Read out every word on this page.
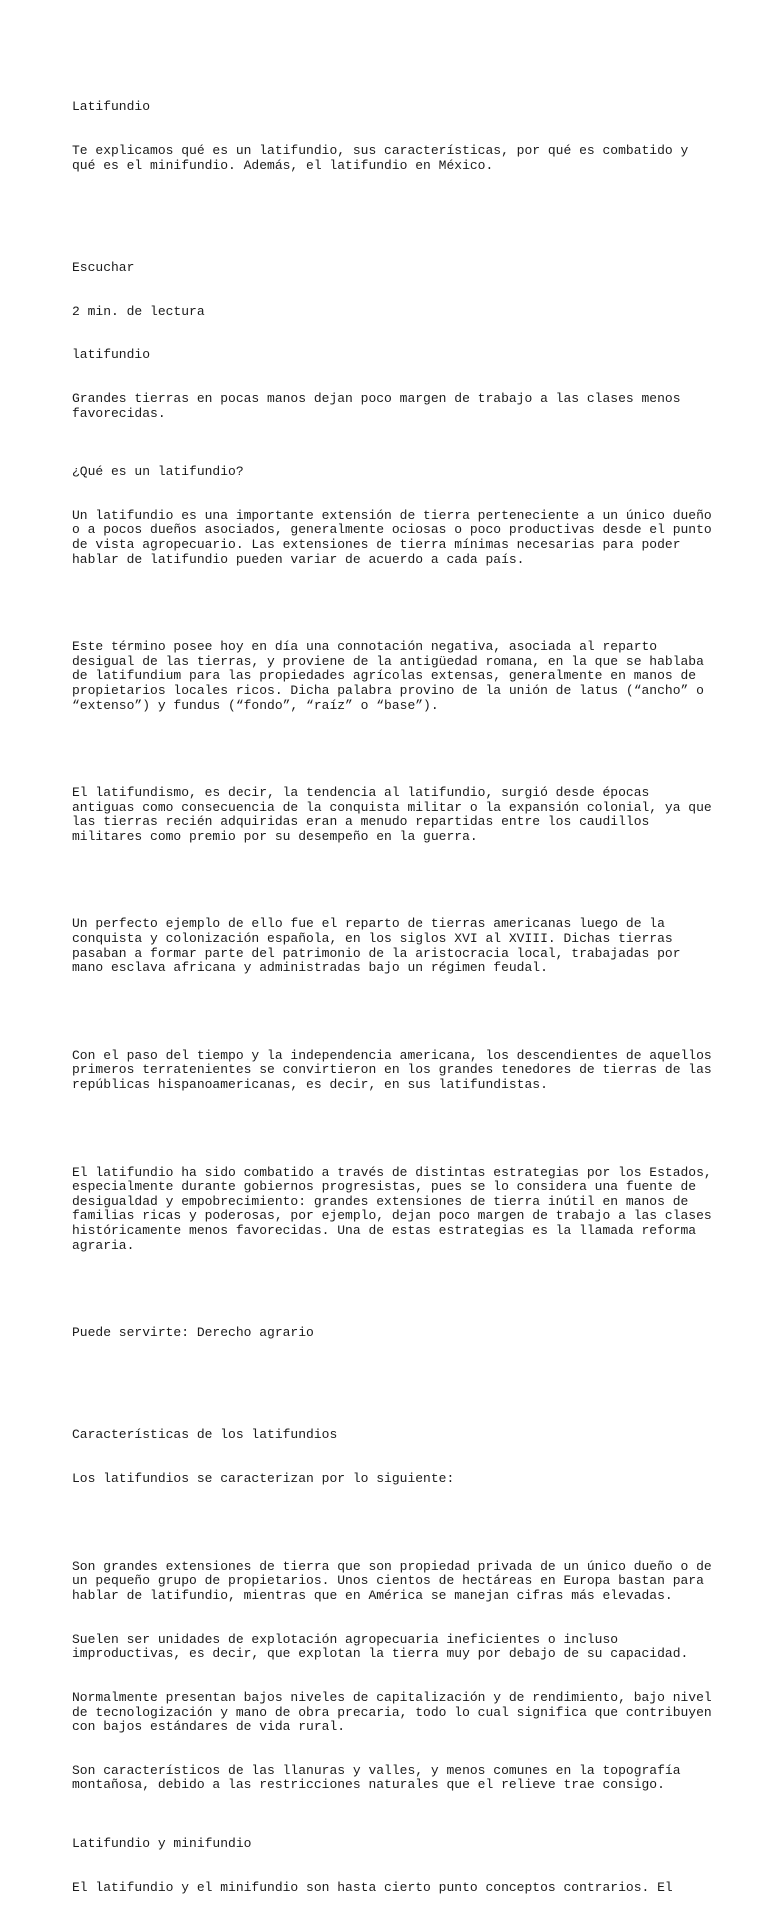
Latifundio

Te explicamos qué es un latifundio, sus características, por qué es combatido y qué es el minifundio. Además, el latifundio en México.

Escuchar

2 min. de lectura

latifundio

Grandes tierras en pocas manos dejan poco margen de trabajo a las clases menos favorecidas.

¿Qué es un latifundio?

Un latifundio es una importante extensión de tierra perteneciente a un único dueño o a pocos dueños asociados, generalmente ociosas o poco productivas desde el punto de vista agropecuario. Las extensiones de tierra mínimas necesarias para poder hablar de latifundio pueden variar de acuerdo a cada país.

Este término posee hoy en día una connotación negativa, asociada al reparto desigual de las tierras, y proviene de la antigüedad romana, en la que se hablaba de latifundium para las propiedades agrícolas extensas, generalmente en manos de propietarios locales ricos. Dicha palabra provino de la unión de latus (“ancho” o “extenso”) y fundus (“fondo”, “raíz” o “base”).

El latifundismo, es decir, la tendencia al latifundio, surgió desde épocas antiguas como consecuencia de la conquista militar o la expansión colonial, ya que las tierras recién adquiridas eran a menudo repartidas entre los caudillos militares como premio por su desempeño en la guerra.

Un perfecto ejemplo de ello fue el reparto de tierras americanas luego de la conquista y colonización española, en los siglos XVI al XVIII. Dichas tierras pasaban a formar parte del patrimonio de la aristocracia local, trabajadas por mano esclava africana y administradas bajo un régimen feudal.

Con el paso del tiempo y la independencia americana, los descendientes de aquellos primeros terratenientes se convirtieron en los grandes tenedores de tierras de las repúblicas hispanoamericanas, es decir, en sus latifundistas.

El latifundio ha sido combatido a través de distintas estrategias por los Estados, especialmente durante gobiernos progresistas, pues se lo considera una fuente de desigualdad y empobrecimiento: grandes extensiones de tierra inútil en manos de familias ricas y poderosas, por ejemplo, dejan poco margen de trabajo a las clases históricamente menos favorecidas. Una de estas estrategias es la llamada reforma agraria.

Puede servirte: Derecho agrario

Características de los latifundios

Los latifundios se caracterizan por lo siguiente:

Son grandes extensiones de tierra que son propiedad privada de un único dueño o de un pequeño grupo de propietarios. Unos cientos de hectáreas en Europa bastan para hablar de latifundio, mientras que en América se manejan cifras más elevadas.

Suelen ser unidades de explotación agropecuaria ineficientes o incluso improductivas, es decir, que explotan la tierra muy por debajo de su capacidad.

Normalmente presentan bajos niveles de capitalización y de rendimiento, bajo nivel de tecnologización y mano de obra precaria, todo lo cual significa que contribuyen con bajos estándares de vida rural.

Son característicos de las llanuras y valles, y menos comunes en la topografía montañosa, debido a las restricciones naturales que el relieve trae consigo.

Latifundio y minifundio

El latifundio y el minifundio son hasta cierto punto conceptos contrarios. El
